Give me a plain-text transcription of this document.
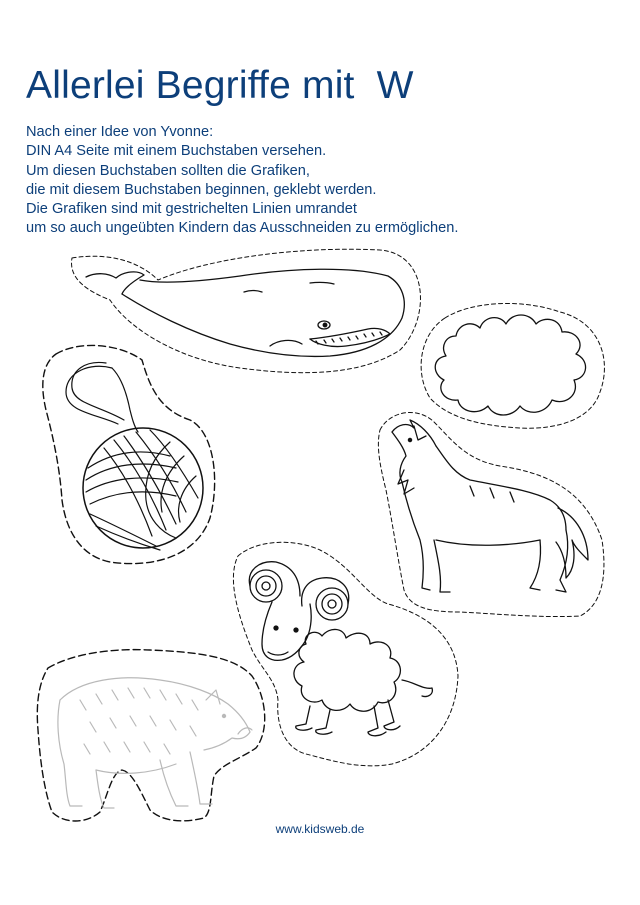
Allerlei Begriffe mit  W
Nach einer Idee von Yvonne:
DIN A4 Seite mit einem Buchstaben versehen.
Um diesen Buchstaben sollten die Grafiken,
die mit diesem Buchstaben beginnen, geklebt werden.
Die Grafiken sind mit gestrichelten Linien umrandet
um so auch ungeübten Kindern das Ausschneiden zu ermöglichen.
www.kidsweb.de
